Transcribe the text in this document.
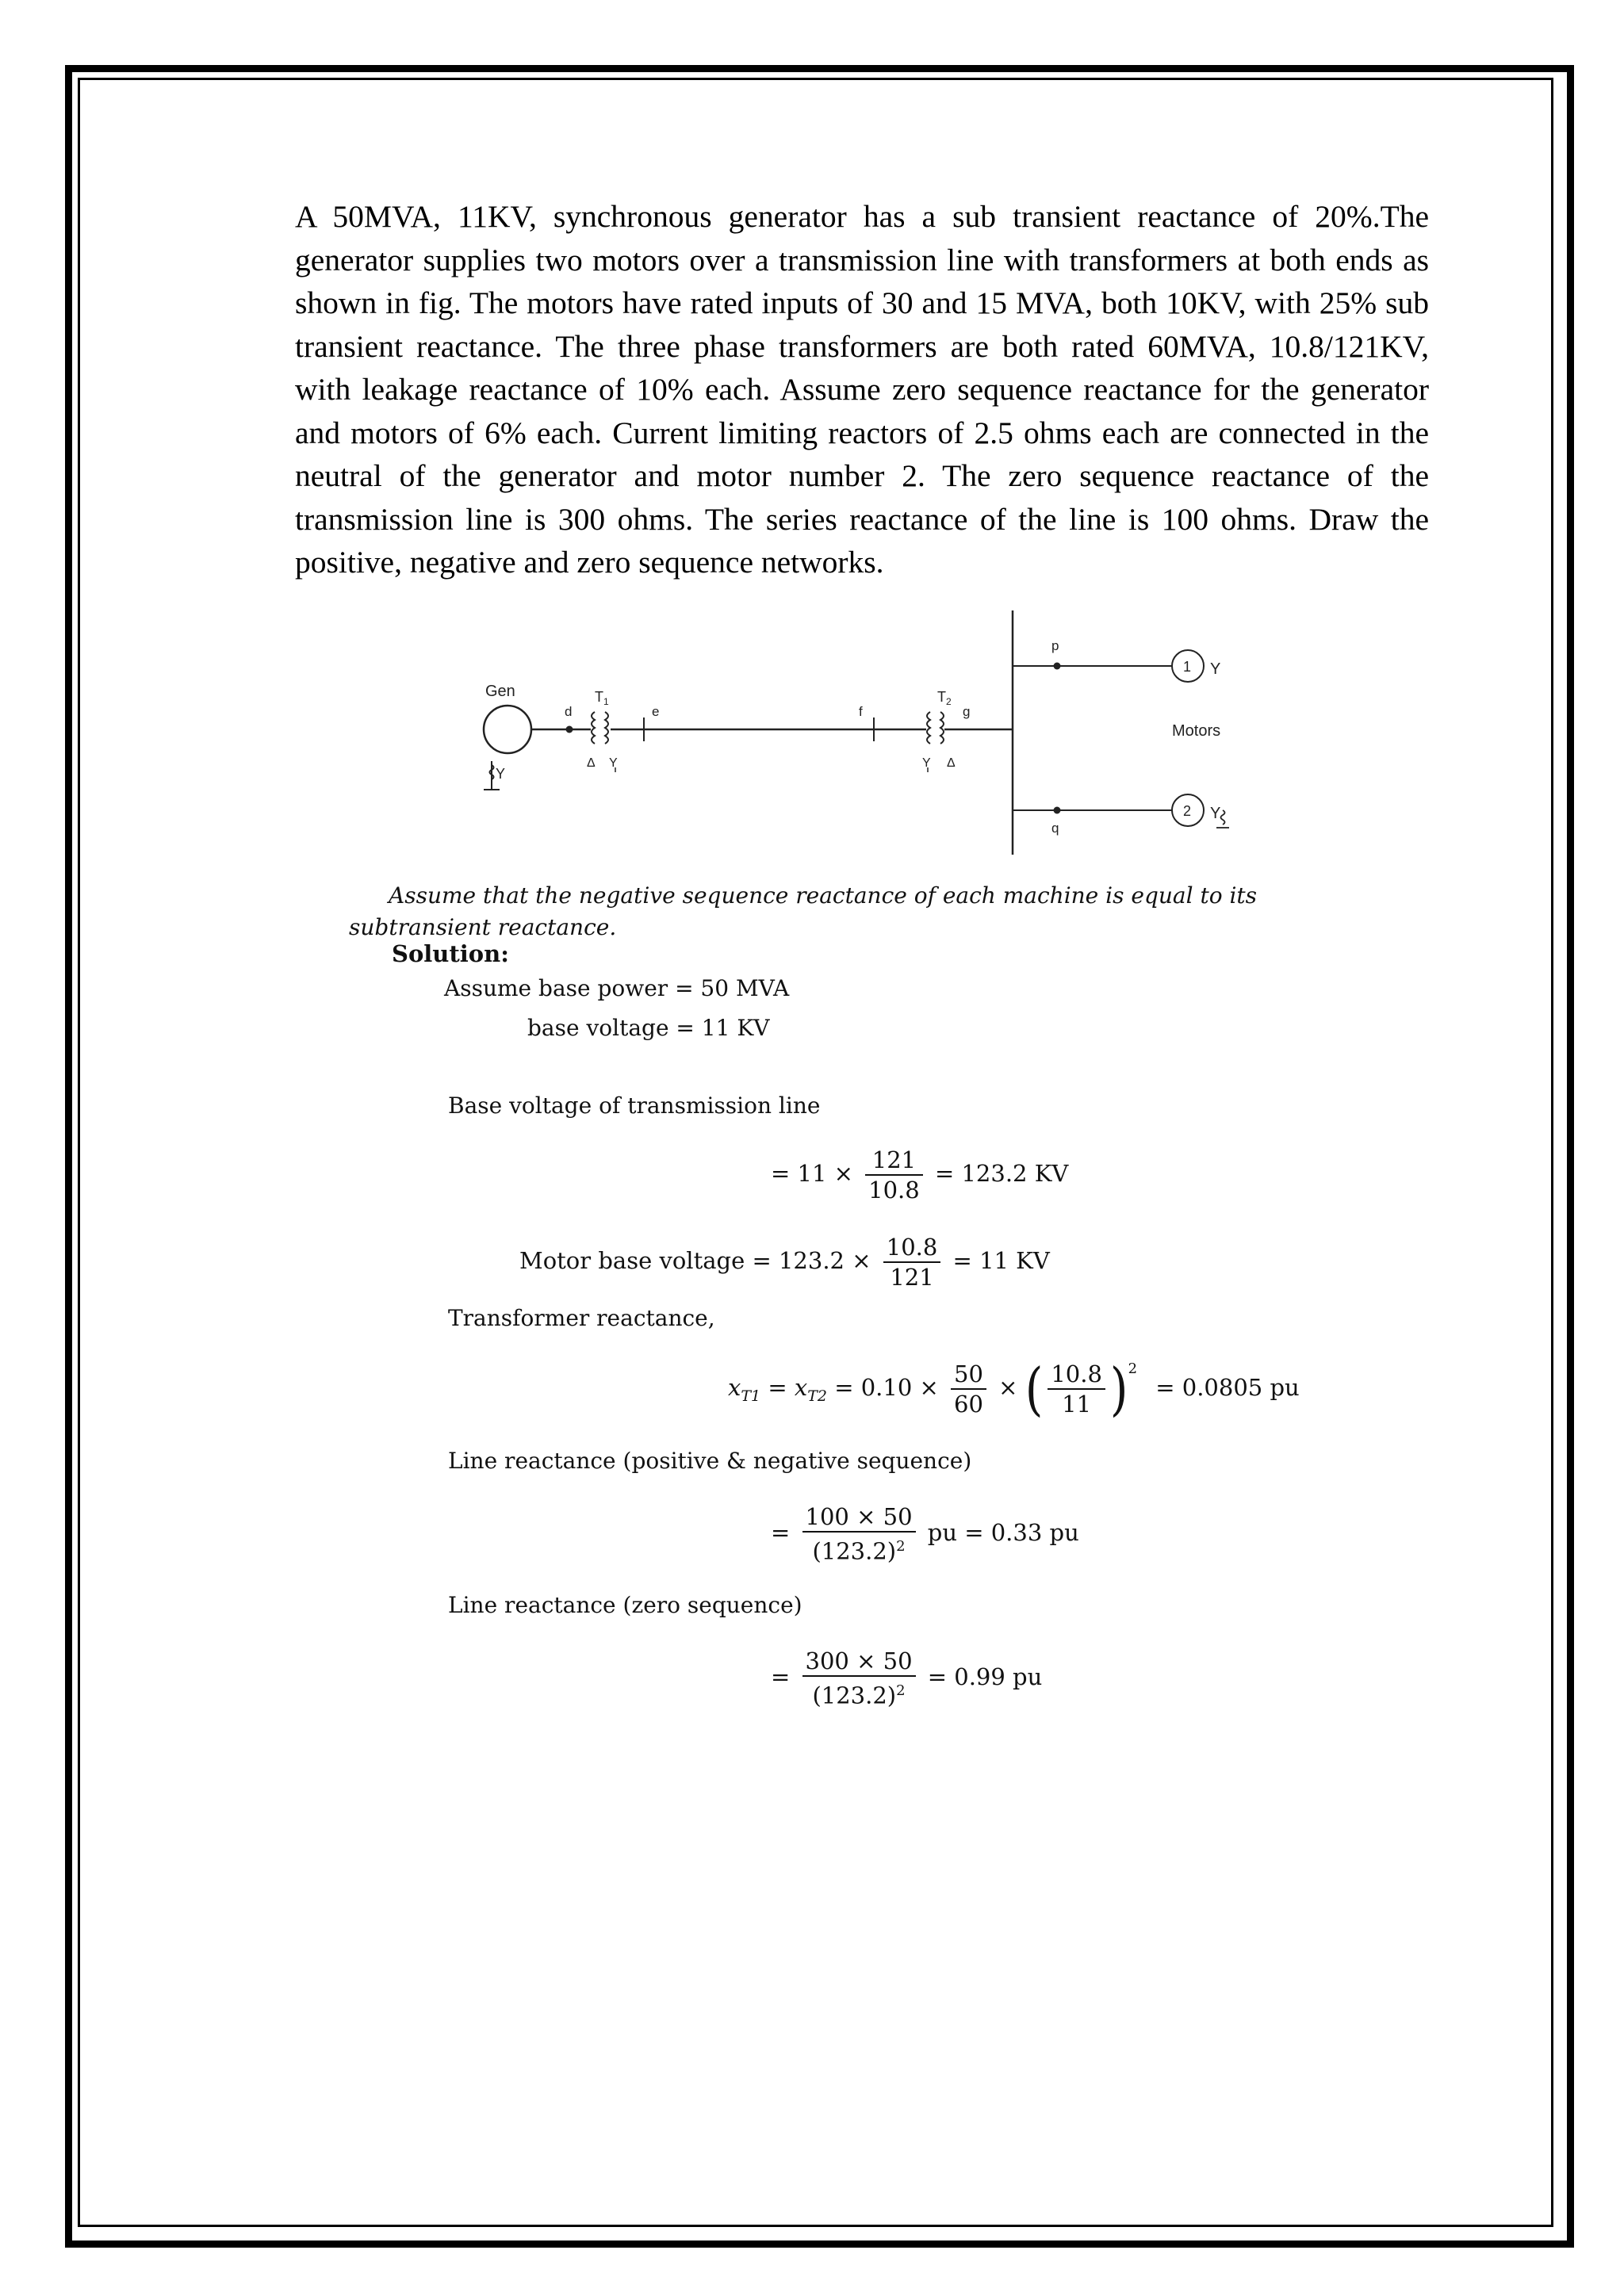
A 50MVA, 11KV, synchronous generator has a sub transient reactance of 20%.The generator supplies two motors over a transmission line with transformers at both ends as shown in fig. The motors have rated inputs of 30 and 15 MVA, both 10KV, with 25% sub transient reactance. The three phase transformers are both rated 60MVA, 10.8/121KV, with leakage reactance of 10% each. Assume zero sequence reactance for the generator and motors of 6% each. Current limiting reactors of 2.5 ohms each are connected in the neutral of the generator and motor number 2. The zero sequence reactance of the transmission line is 300 ohms. The series reactance of the line is 100 ohms. Draw the positive, negative and zero sequence networks.

Gen
Y
d
$T_1$
Δ Y
e	f
$T_2$
g
Y Δ
p
1 Y
Motors
q
2 Y
Assume that the negative sequence reactance of each machine is equal to its subtransient reactance.
Solution:
Assume base power = 50 MVA
base voltage = 11 KV
Base voltage of transmission line
= $11 \times \frac{121}{10.8} = 123.2$ KV
Motor base voltage = $123.2 \times \frac{10.8}{121} = 11$ KV
Transformer reactance,
$x_{T1} = x_{T2} = 0.10 \times \frac{50}{60}$ × ( $\frac{10.8}{11} )^2 = 0.0805$ pu
Line reactance (positive & negative sequence)
= $\frac{100 \times 50}{(123.2)^2}$ pu = 0.33 pu
Line reactance (zero sequence)
= $\frac{300 \times 50}{(123.2)^2} = 0.99$ pu
